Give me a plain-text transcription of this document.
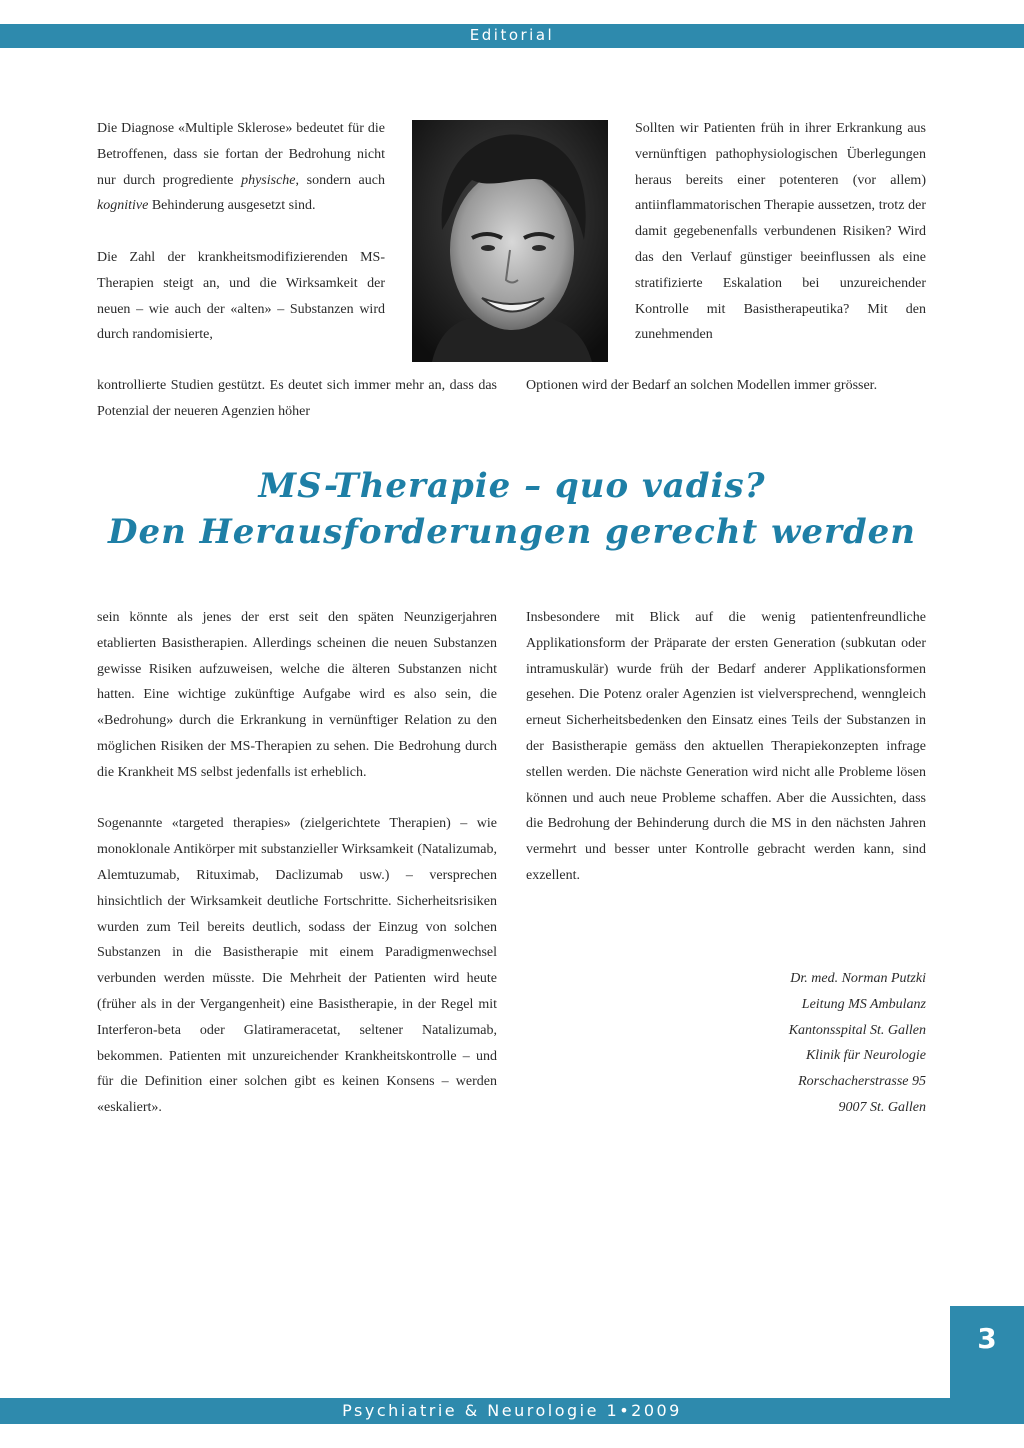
Editorial

Die Diagnose «Multiple Sklerose» bedeutet für die Betroffenen, dass sie fortan der Bedrohung nicht nur durch progrediente physische, sondern auch kognitive Behinderung ausgesetzt sind.

Die Zahl der krankheitsmodifizierenden MS-Therapien steigt an, und die Wirksamkeit der neuen – wie auch der «alten» – Substanzen wird durch randomisierte,

kontrollierte Studien gestützt. Es deutet sich immer mehr an, dass das Potenzial der neueren Agenzien höher

Sollten wir Patienten früh in ihrer Erkrankung aus vernünftigen pathophysiologischen Überlegungen heraus bereits einer potenteren (vor allem) antiinflammatorischen Therapie aussetzen, trotz der damit gegebenenfalls verbundenen Risiken? Wird das den Verlauf günstiger beeinflussen als eine stratifizierte Eskalation bei unzureichender Kontrolle mit Basistherapeutika? Mit den zunehmenden

Optionen wird der Bedarf an solchen Modellen immer grösser.

MS-Therapie – quo vadis?
Den Herausforderungen gerecht werden

sein könnte als jenes der erst seit den späten Neunzigerjahren etablierten Basistherapien. Allerdings scheinen die neuen Substanzen gewisse Risiken aufzuweisen, welche die älteren Substanzen nicht hatten. Eine wichtige zukünftige Aufgabe wird es also sein, die «Bedrohung» durch die Erkrankung in vernünftiger Relation zu den möglichen Risiken der MS-Therapien zu sehen. Die Bedrohung durch die Krankheit MS selbst jedenfalls ist erheblich.

Sogenannte «targeted therapies» (zielgerichtete Therapien) – wie monoklonale Antikörper mit substanzieller Wirksamkeit (Natalizumab, Alemtuzumab, Rituximab, Daclizumab usw.) – versprechen hinsichtlich der Wirksamkeit deutliche Fortschritte. Sicherheitsrisiken wurden zum Teil bereits deutlich, sodass der Einzug von solchen Substanzen in die Basistherapie mit einem Paradigmenwechsel verbunden werden müsste. Die Mehrheit der Patienten wird heute (früher als in der Vergangenheit) eine Basistherapie, in der Regel mit Interferon-beta oder Glatirameracetat, seltener Natalizumab, bekommen. Patienten mit unzureichender Krankheitskontrolle – und für die Definition einer solchen gibt es keinen Konsens – werden «eskaliert».

Insbesondere mit Blick auf die wenig patientenfreundliche Applikationsform der Präparate der ersten Generation (subkutan oder intramuskulär) wurde früh der Bedarf anderer Applikationsformen gesehen. Die Potenz oraler Agenzien ist vielversprechend, wenngleich erneut Sicherheitsbedenken den Einsatz eines Teils der Substanzen in der Basistherapie gemäss den aktuellen Therapiekonzepten infrage stellen werden. Die nächste Generation wird nicht alle Probleme lösen können und auch neue Probleme schaffen. Aber die Aussichten, dass die Bedrohung der Behinderung durch die MS in den nächsten Jahren vermehrt und besser unter Kontrolle gebracht werden kann, sind exzellent.

Dr. med. Norman Putzki
Leitung MS Ambulanz
Kantonsspital St. Gallen
Klinik für Neurologie
Rorschacherstrasse 95
9007 St. Gallen
3
Psychiatrie & Neurologie 1•2009
